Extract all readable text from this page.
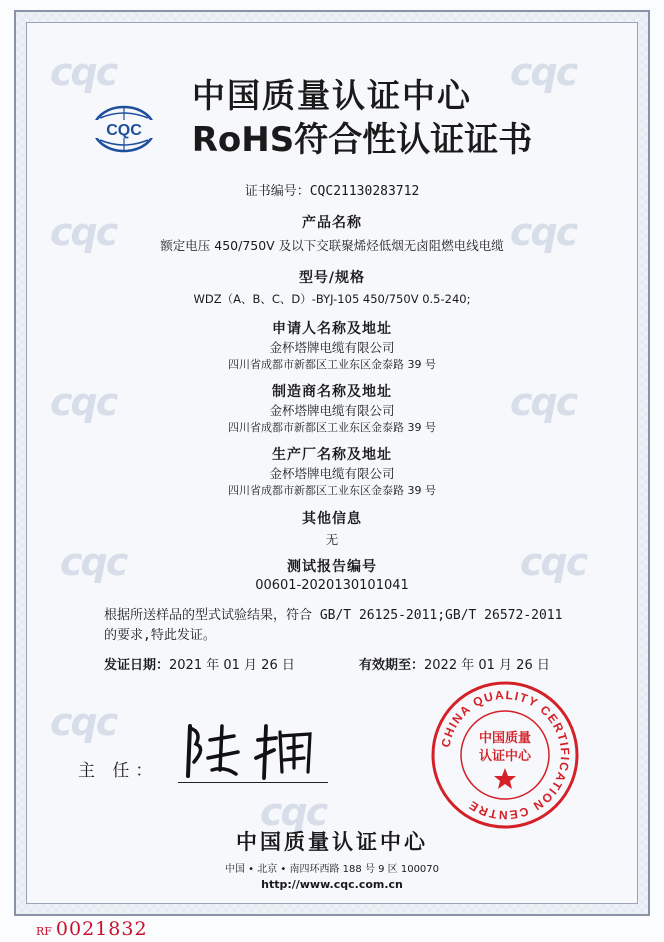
cqc	cqc
cqc	cqc
cqc	cqc
cqc	cqc
cqc
cqc
CQC
中国质量认证中心
RoHS符合性认证证书
证书编号：CQC21130283712
产品名称
额定电压 450/750V 及以下交联聚烯烃低烟无卤阻燃电线电缆
型号/规格
WDZ（A、B、C、D）-BYJ-105 450/750V 0.5-240;
申请人名称及地址
金杯塔牌电缆有限公司
四川省成都市新都区工业东区金泰路 39 号
制造商名称及地址
金杯塔牌电缆有限公司
四川省成都市新都区工业东区金泰路 39 号
生产厂名称及地址
金杯塔牌电缆有限公司
四川省成都市新都区工业东区金泰路 39 号
其他信息
无
测试报告编号
00601-2020130101041
根据所送样品的型式试验结果，符合 GB/T 26125-2011;GB/T 26572-2011 的要求,特此发证。
发证日期：2021 年 01 月 26 日	有效期至：2022 年 01 月 26 日
主 任：
CHINA QUALITY CERTIFICATION CENTRE
中国质量
认证中心
中国质量认证中心
中国 • 北京 • 南四环西路 188 号 9 区 100070
http://www.cqc.com.cn
RF 0021832
